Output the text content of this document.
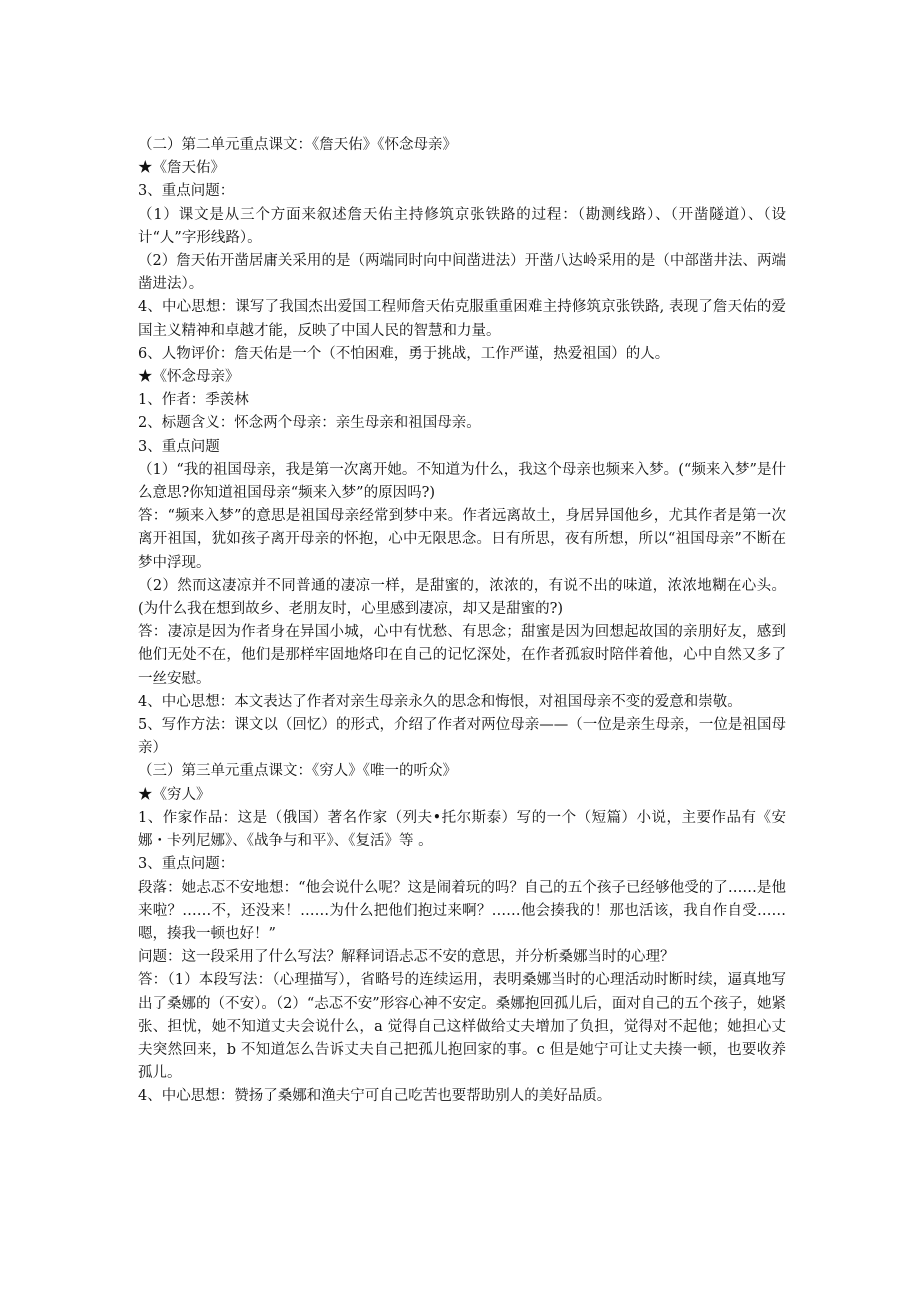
（二）第二单元重点课文：《詹天佑》《怀念母亲》

★《詹天佑》

3、重点问题：

（1）课文是从三个方面来叙述詹天佑主持修筑京张铁路的过程：（勘测线路）、（开凿隧道）、（设计“人”字形线路）。

（2）詹天佑开凿居庸关采用的是（两端同时向中间凿进法）开凿八达岭采用的是（中部凿井法、两端凿进法）。

4、中心思想：课写了我国杰出爱国工程师詹天佑克服重重困难主持修筑京张铁路, 表现了詹天佑的爱国主义精神和卓越才能，反映了中国人民的智慧和力量。

6、人物评价：詹天佑是一个（不怕困难，勇于挑战，工作严谨，热爱祖国）的人。

★《怀念母亲》

1、作者：季羡林

2、标题含义：怀念两个母亲：亲生母亲和祖国母亲。

3、重点问题

（1）“我的祖国母亲，我是第一次离开她。不知道为什么，我这个母亲也频来入梦。(“频来入梦”是什么意思?你知道祖国母亲“频来入梦”的原因吗?)

答：“频来入梦”的意思是祖国母亲经常到梦中来。作者远离故土，身居异国他乡，尤其作者是第一次离开祖国，犹如孩子离开母亲的怀抱，心中无限思念。日有所思，夜有所想，所以“祖国母亲”不断在梦中浮现。

（2）然而这凄凉并不同普通的凄凉一样，是甜蜜的，浓浓的，有说不出的味道，浓浓地糊在心头。(为什么我在想到故乡、老朋友时，心里感到凄凉，却又是甜蜜的?)

答：凄凉是因为作者身在异国小城，心中有忧愁、有思念；甜蜜是因为回想起故国的亲朋好友，感到他们无处不在，他们是那样牢固地烙印在自己的记忆深处，在作者孤寂时陪伴着他，心中自然又多了一丝安慰。

4、中心思想：本文表达了作者对亲生母亲永久的思念和悔恨，对祖国母亲不变的爱意和崇敬。

5、写作方法：课文以（回忆）的形式，介绍了作者对两位母亲——（一位是亲生母亲，一位是祖国母亲）

（三）第三单元重点课文：《穷人》《唯一的听众》

★《穷人》

1、作家作品：这是（俄国）著名作家（列夫•托尔斯泰）写的一个（短篇）小说，主要作品有《安娜・卡列尼娜》、《战争与和平》、《复活》等 。

3、重点问题：

段落：她忐忑不安地想：“他会说什么呢？这是闹着玩的吗？自己的五个孩子已经够他受的了……是他来啦？……不，还没来！……为什么把他们抱过来啊？……他会揍我的！那也活该，我自作自受……嗯，揍我一顿也好！”

问题：这一段采用了什么写法？解释词语忐忑不安的意思，并分析桑娜当时的心理？

答：（1）本段写法：（心理描写），省略号的连续运用，表明桑娜当时的心理活动时断时续，逼真地写出了桑娜的（不安）。（2）“忐忑不安”形容心神不安定。桑娜抱回孤儿后，面对自己的五个孩子，她紧张、担忧，她不知道丈夫会说什么，a 觉得自己这样做给丈夫增加了负担，觉得对不起他；她担心丈夫突然回来，b 不知道怎么告诉丈夫自己把孤儿抱回家的事。c 但是她宁可让丈夫揍一顿，也要收养孤儿。

4、中心思想：赞扬了桑娜和渔夫宁可自己吃苦也要帮助别人的美好品质。
